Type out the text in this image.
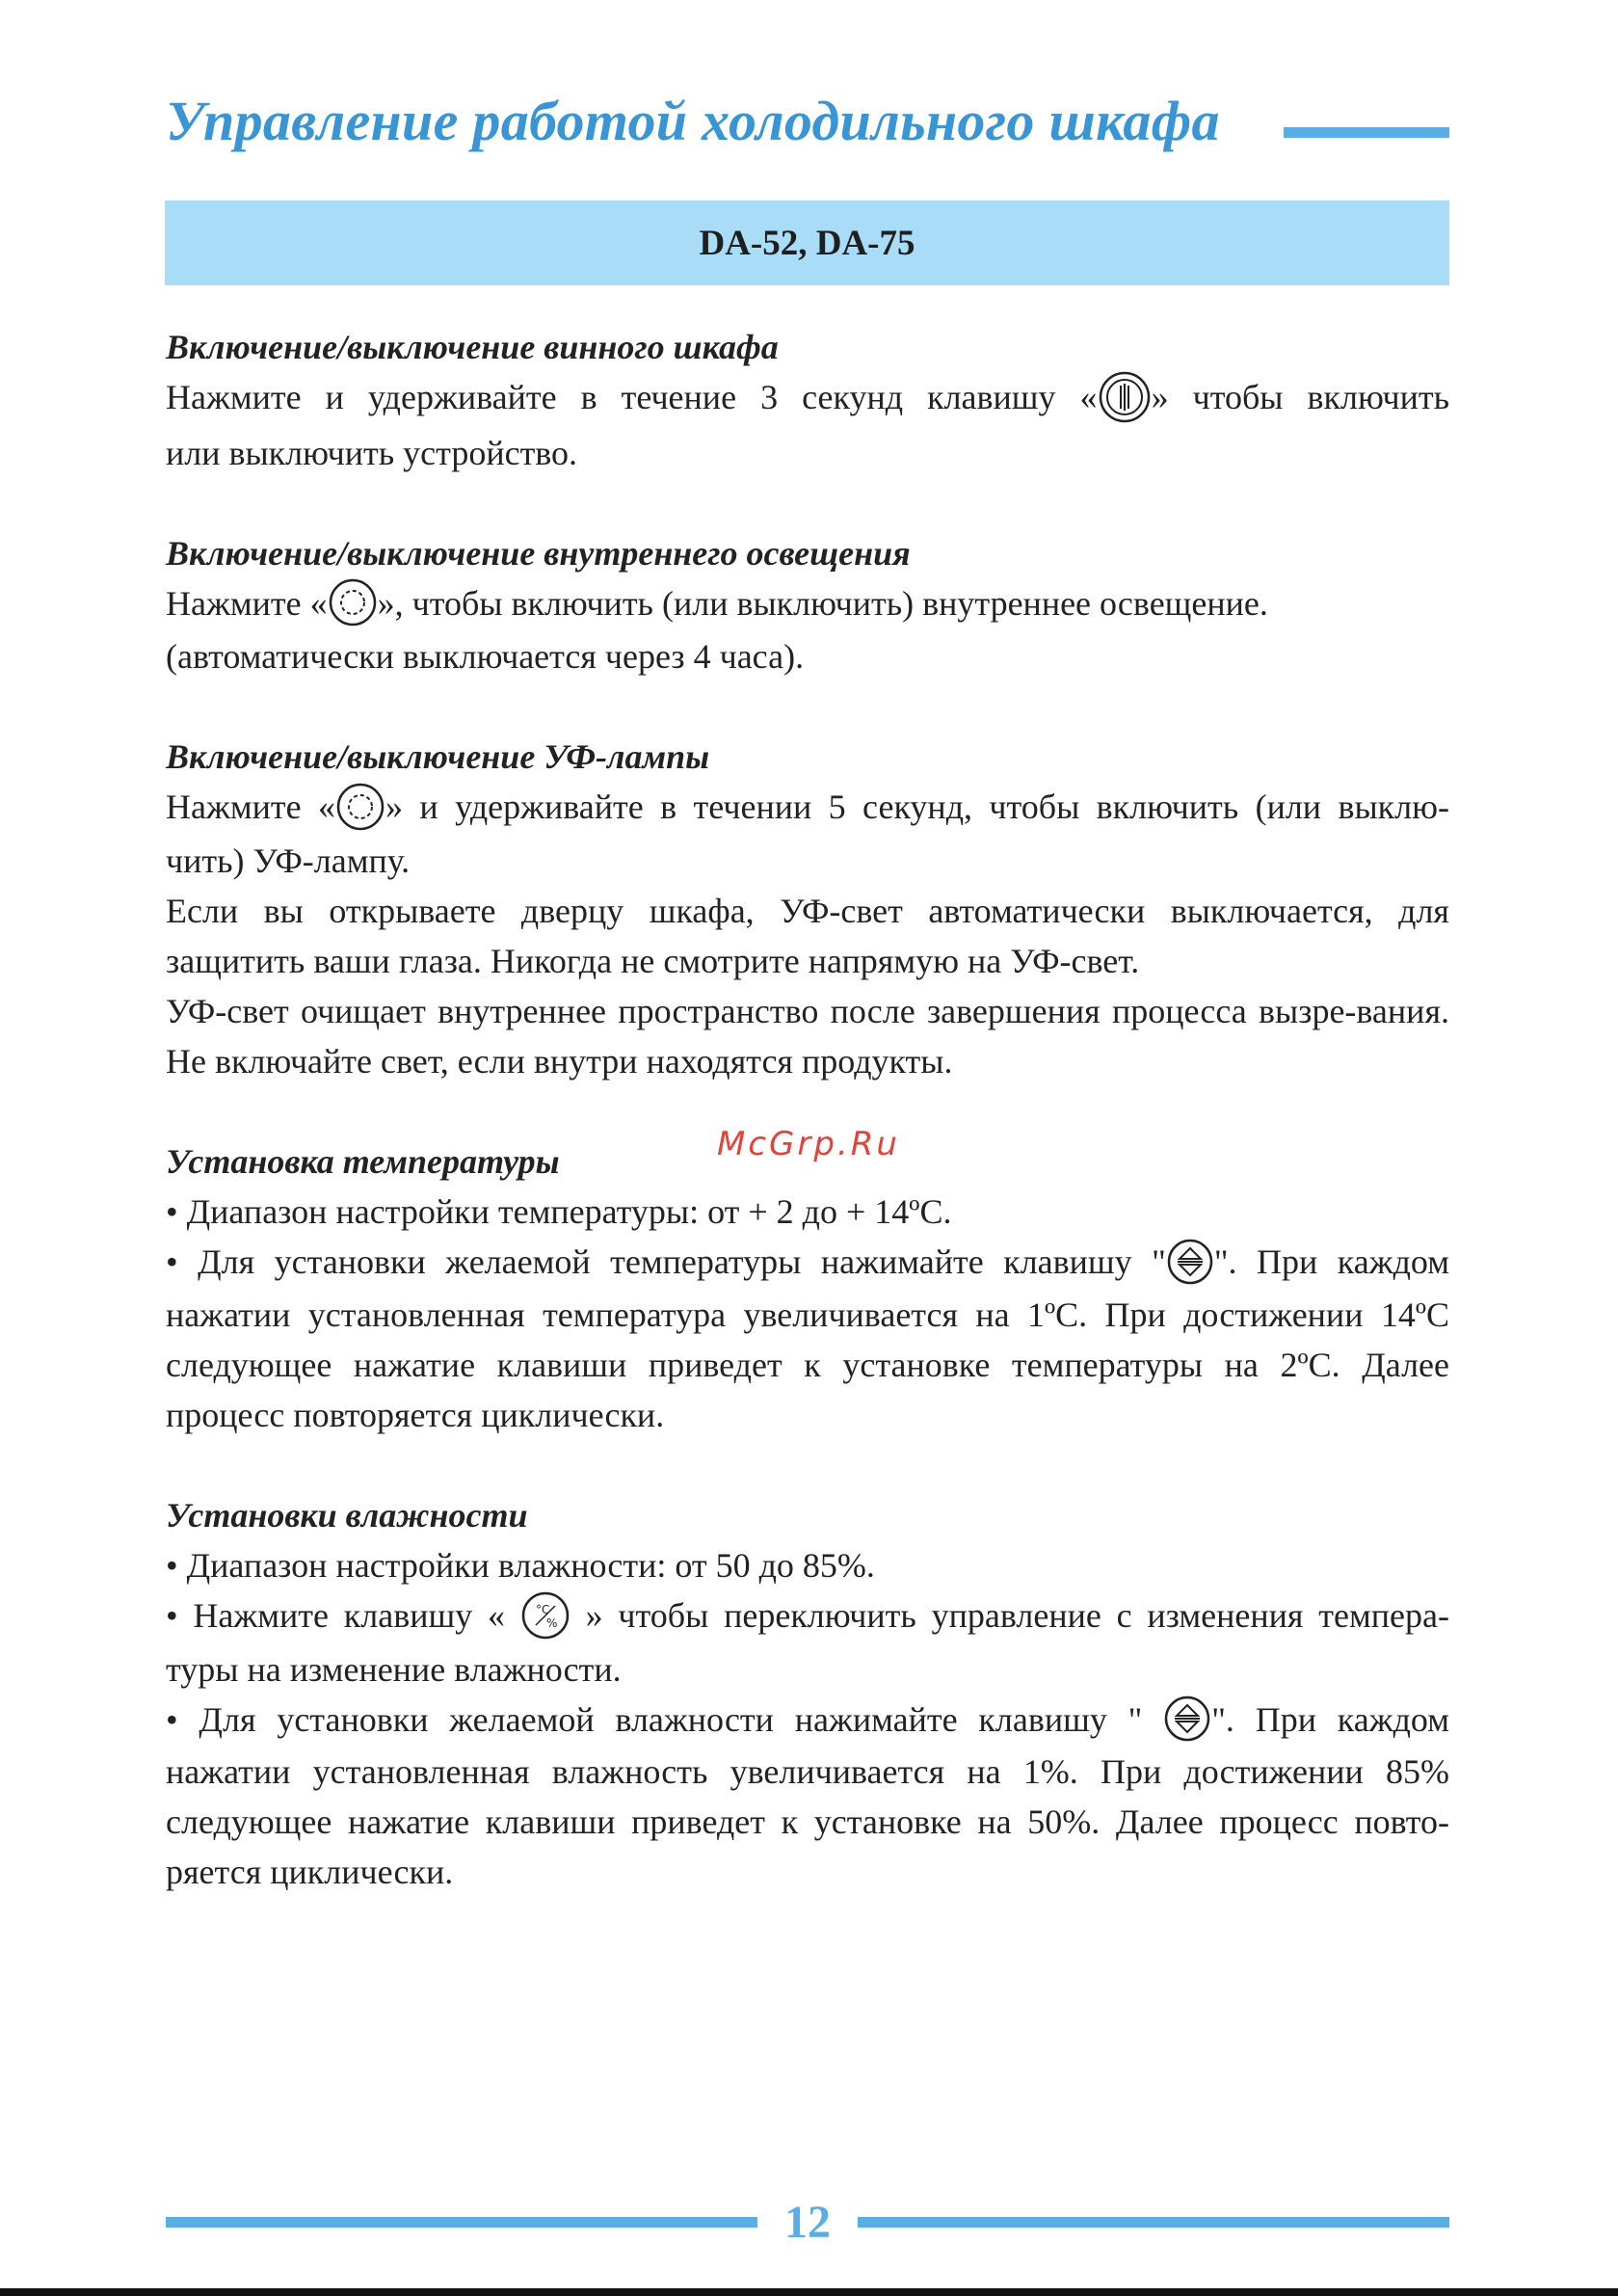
Управление работой холодильного шкафа
DA-52, DA-75
Включение/выключение винного шкафа
Нажмите и удерживайте в течение 3 секунд клавишу « » чтобы включить
или выключить устройство.
Включение/выключение внутреннего освещения
Нажмите « », чтобы включить (или выключить) внутреннее освещение.
(автоматически выключается через 4 часа).
Включение/выключение УФ-лампы
Нажмите « » и удерживайте в течении 5 секунд, чтобы включить (или выклю-
чить) УФ-лампу.
Если вы открываете дверцу шкафа, УФ-свет автоматически выключается, для защитить ваши глаза. Никогда не смотрите напрямую на УФ-свет.
УФ-свет очищает внутреннее пространство после завершения процесса вызре-вания. Не включайте свет, если внутри находятся продукты.
Установка температуры
• Диапазон настройки температуры: от + 2 до + 14ºC.
• Для установки желаемой температуры нажимайте клавишу " ". При каждом
нажатии установленная температура увеличивается на 1ºC. При достижении 14ºC следующее нажатие клавиши приведет к установке температуры на 2ºC. Далее процесс повторяется циклически.
Установки влажности
• Диапазон настройки влажности: от 50 до 85%.
• Нажмите клавишу « °C
% » чтобы переключить управление с изменения темпера-
туры на изменение влажности.
• Для установки желаемой влажности нажимайте клавишу "
". При каждом
нажатии установленная влажность увеличивается на 1%. При достижении 85% следующее нажатие клавиши приведет к установке на 50%. Далее процесс повто-ряется циклически.
McGrp.Ru
12
